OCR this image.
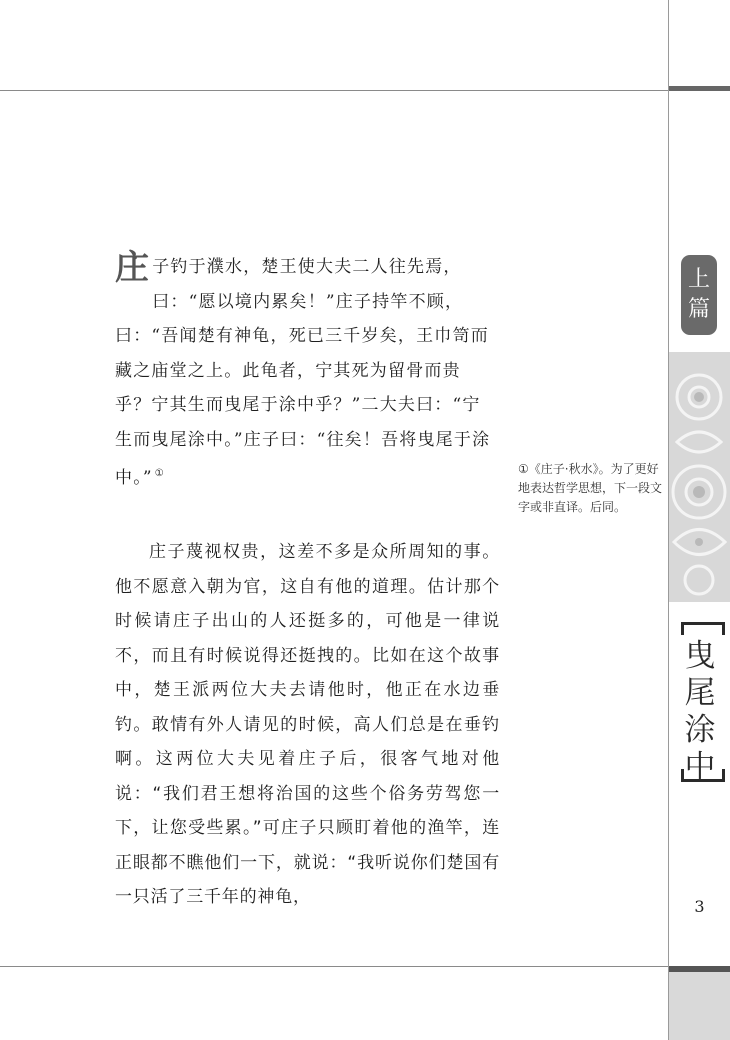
庄子钓于濮水，楚王使大夫二人往先焉，曰：“愿以境内累矣！”庄子持竿不顾，曰：“吾闻楚有神龟，死已三千岁矣，王巾笥而藏之庙堂之上。此龟者，宁其死为留骨而贵乎？宁其生而曳尾于涂中乎？”二大夫曰：“宁生而曳尾涂中。”庄子曰：“往矣！吾将曳尾于涂中。” ①	①《庄子·秋水》。为了更好地表达哲学思想，下一段文字或非直译。后同。

庄子蔑视权贵，这差不多是众所周知的事。他不愿意入朝为官，这自有他的道理。估计那个时候请庄子出山的人还挺多的，可他是一律说不，而且有时候说得还挺拽的。比如在这个故事中，楚王派两位大夫去请他时，他正在水边垂钓。敢情有外人请见的时候，高人们总是在垂钓啊。这两位大夫见着庄子后，很客气地对他说：“我们君王想将治国的这些个俗务劳驾您一下，让您受些累。”可庄子只顾盯着他的渔竿，连正眼都不瞧他们一下，就说：“我听说你们楚国有一只活了三千年的神龟，

上篇
曳尾涂中
3
